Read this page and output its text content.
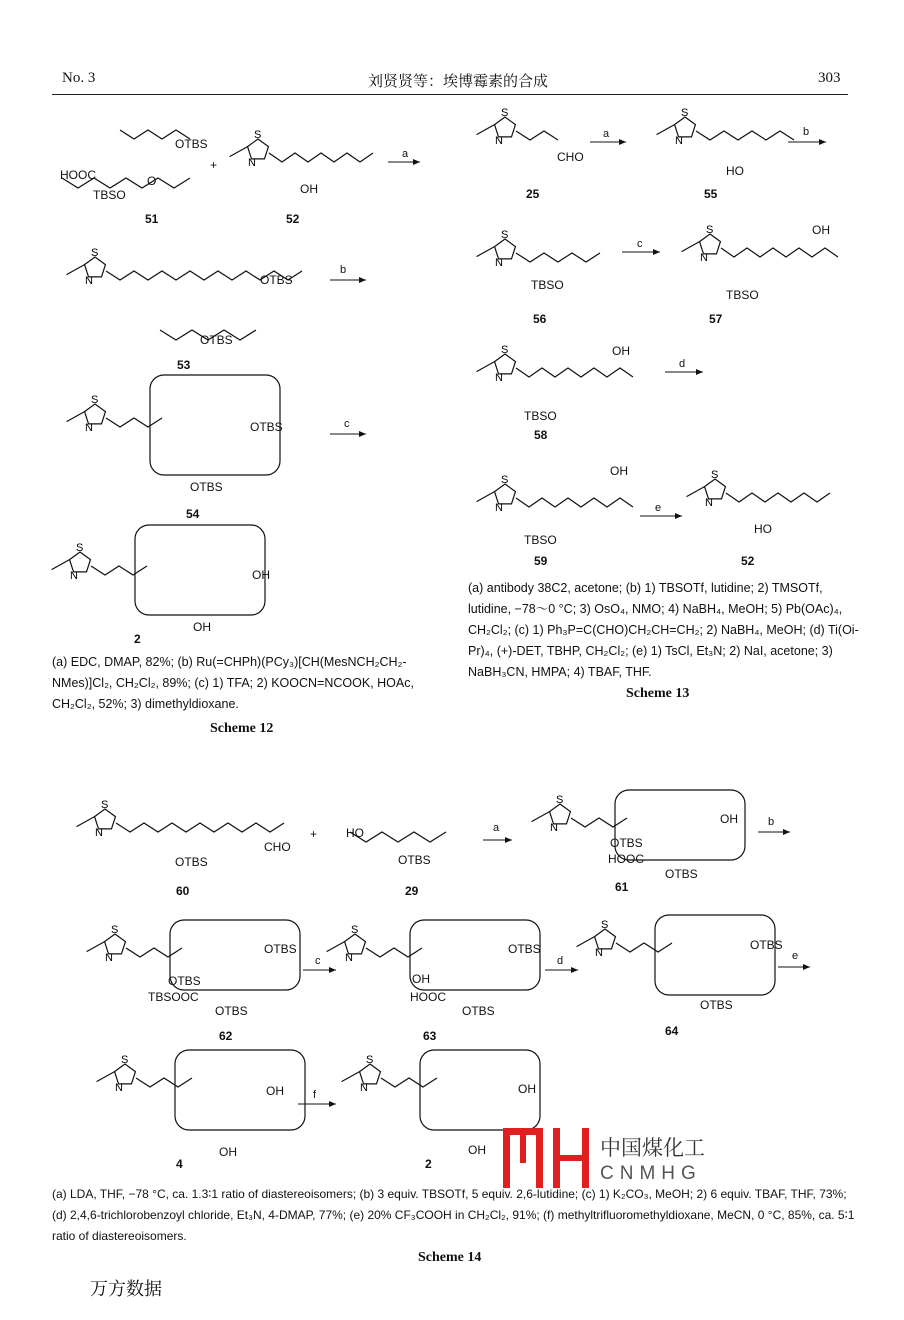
No. 3	刘贤贤等：埃博霉素的合成	303
S
N
S
N
S
N
S
N
S
N
S
N
S
N
S
N
S
N
S
N
S
N
S
N
S
N
S
N
S
N
S
N
S
N
S
N
51	52
53
54
2
OTBS
HOOC
TBSO
O
+
OH
OTBS
OTBS
OTBS
OTBS
OH
OH
a
b
c
(a) EDC, DMAP, 82%; (b) Ru(=CHPh)(PCy₃)[CH(MesNCH₂CH₂-NMes)]Cl₂, CH₂Cl₂, 89%; (c) 1) TFA; 2) KOOCN=NCOOK, HOAc, CH₂Cl₂, 52%; 3) dimethyldioxane.
Scheme 12
25	55
56	57
58
59	52
CHO
HO
TBSO
TBSO
OH
TBSO
OH
TBSO
OH
HO
a	b
c
d
e
(a) antibody 38C2, acetone; (b) 1) TBSOTf, lutidine; 2) TMSOTf, lutidine, −78～0 °C; 3) OsO₄, NMO; 4) NaBH₄, MeOH; 5) Pb(OAc)₄, CH₂Cl₂; (c) 1) Ph₃P=C(CHO)CH₂CH=CH₂; 2) NaBH₄, MeOH; (d) Ti(Oi-Pr)₄, (+)-DET, TBHP, CH₂Cl₂; (e) 1) TsCl, Et₃N; 2) NaI, acetone; 3) NaBH₃CN, HMPA; 4) TBAF, THF.
Scheme 13
60	29	61
62	63	64
4	2
OTBS
CHO
+ HO
OTBS
OTBS
HOOC
OTBS
OH
OTBS
OTBS
TBSOOC
OTBS
OTBS
OH
HOOC
OTBS
OTBS
OTBS
OH
OH
OH
OH
a	b
c	d	e
f
中国煤化工
CNMHG
(a) LDA, THF, −78 °C, ca. 1.3∶1 ratio of diastereoisomers; (b) 3 equiv. TBSOTf, 5 equiv. 2,6-lutidine; (c) 1) K₂CO₃, MeOH; 2) 6 equiv. TBAF, THF, 73%; (d) 2,4,6-trichlorobenzoyl chloride, Et₃N, 4-DMAP, 77%; (e) 20% CF₃COOH in CH₂Cl₂, 91%; (f) methyltrifluoromethyldioxane, MeCN, 0 °C, 85%, ca. 5∶1 ratio of diastereoisomers.
Scheme 14
万方数据
